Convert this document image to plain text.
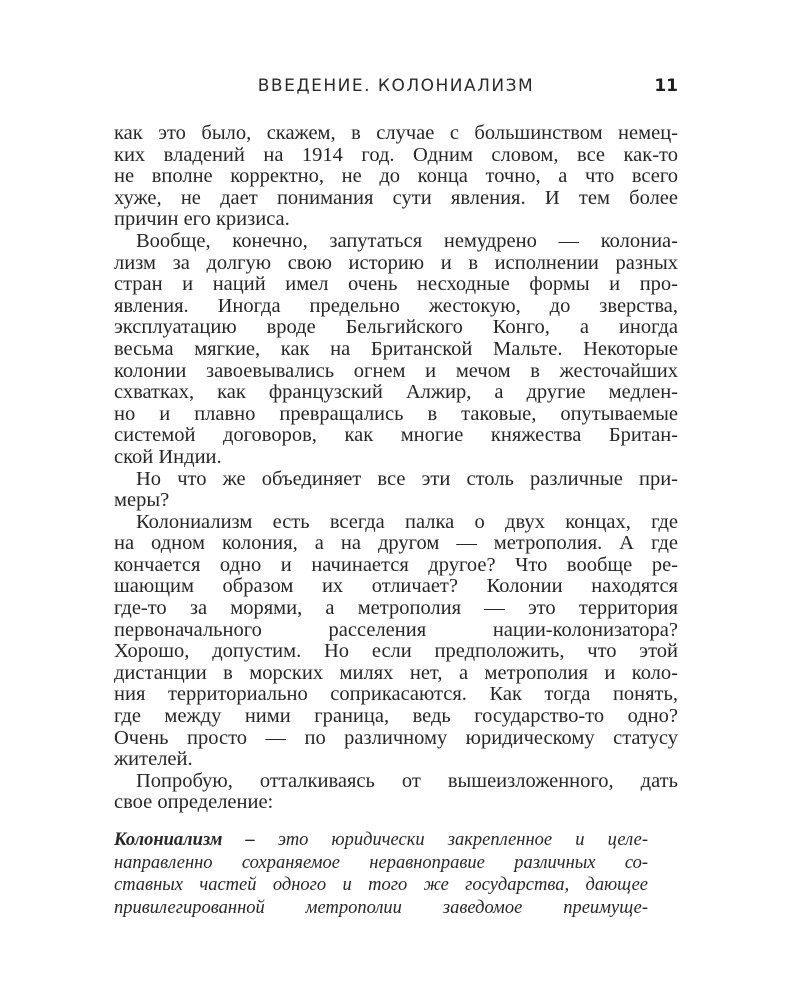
ВВЕДЕНИЕ. КОЛОНИАЛИЗМ	11
как это было, скажем, в случае с большинством немец-
ких владений на 1914 год. Одним словом, все как-то
не вполне корректно, не до конца точно, а что всего
хуже, не дает понимания сути явления. И тем более
причин его кризиса.
Вообще, конечно, запутаться немудрено — колониа-
лизм за долгую свою историю и в исполнении разных
стран и наций имел очень несходные формы и про-
явления. Иногда предельно жестокую, до зверства,
эксплуатацию вроде Бельгийского Конго, а иногда
весьма мягкие, как на Британской Мальте. Некоторые
колонии завоевывались огнем и мечом в жесточайших
схватках, как французский Алжир, а другие медлен-
но и плавно превращались в таковые, опутываемые
системой договоров, как многие княжества Британ-
ской Индии.
Но что же объединяет все эти столь различные при-
меры?
Колониализм есть всегда палка о двух концах, где
на одном колония, а на другом — метрополия. А где
кончается одно и начинается другое? Что вообще ре-
шающим образом их отличает? Колонии находятся
где-то за морями, а метрополия — это территория
первоначального расселения нации-колонизатора?
Хорошо, допустим. Но если предположить, что этой
дистанции в морских милях нет, а метрополия и коло-
ния территориально соприкасаются. Как тогда понять,
где между ними граница, ведь государство-то одно?
Очень просто — по различному юридическому статусу
жителей.
Попробую, отталкиваясь от вышеизложенного, дать
свое определение:
Колониализм – это юридически закрепленное и целе-
направленно сохраняемое неравноправие различных со-
ставных частей одного и того же государства, дающее
привилегированной метрополии заведомое преимуще-
